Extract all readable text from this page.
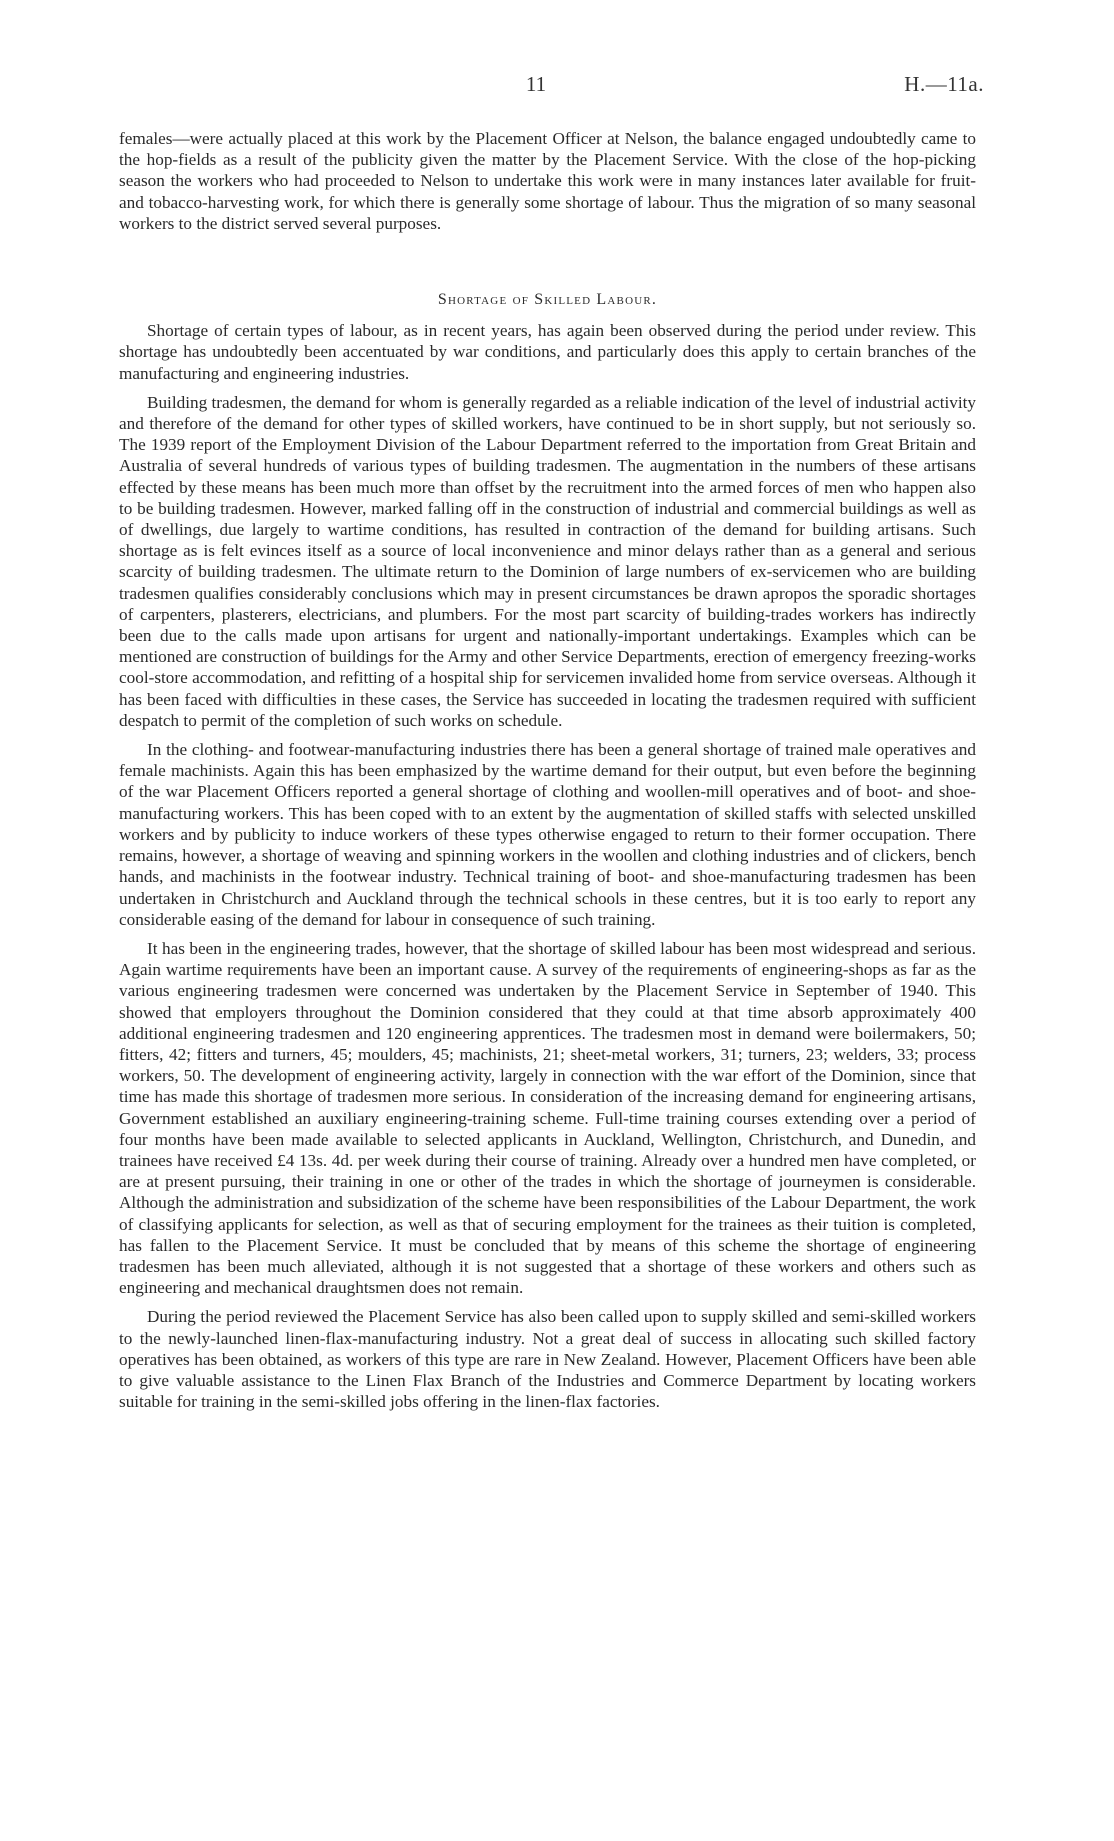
11	H.—11a.

females—were actually placed at this work by the Placement Officer at Nelson, the balance engaged undoubtedly came to the hop-fields as a result of the publicity given the matter by the Placement Service. With the close of the hop-picking season the workers who had proceeded to Nelson to undertake this work were in many instances later available for fruit- and tobacco-harvesting work, for which there is generally some shortage of labour. Thus the migration of so many seasonal workers to the district served several purposes.

Shortage of Skilled Labour.

Shortage of certain types of labour, as in recent years, has again been observed during the period under review. This shortage has undoubtedly been accentuated by war conditions, and particularly does this apply to certain branches of the manufacturing and engineering industries.

Building tradesmen, the demand for whom is generally regarded as a reliable indication of the level of industrial activity and therefore of the demand for other types of skilled workers, have continued to be in short supply, but not seriously so. The 1939 report of the Employment Division of the Labour Department referred to the importation from Great Britain and Australia of several hundreds of various types of building tradesmen. The augmentation in the numbers of these artisans effected by these means has been much more than offset by the recruitment into the armed forces of men who happen also to be building tradesmen. However, marked falling off in the construction of industrial and commercial buildings as well as of dwellings, due largely to wartime conditions, has resulted in contraction of the demand for building artisans. Such shortage as is felt evinces itself as a source of local inconvenience and minor delays rather than as a general and serious scarcity of building tradesmen. The ultimate return to the Dominion of large numbers of ex-servicemen who are building tradesmen qualifies considerably conclusions which may in present circumstances be drawn apropos the sporadic shortages of carpenters, plasterers, electricians, and plumbers. For the most part scarcity of building-trades workers has indirectly been due to the calls made upon artisans for urgent and nationally-important undertakings. Examples which can be mentioned are construction of buildings for the Army and other Service Departments, erection of emergency freezing-works cool-store accommodation, and refitting of a hospital ship for servicemen invalided home from service overseas. Although it has been faced with difficulties in these cases, the Service has succeeded in locating the tradesmen required with sufficient despatch to permit of the completion of such works on schedule.

In the clothing- and footwear-manufacturing industries there has been a general shortage of trained male operatives and female machinists. Again this has been emphasized by the wartime demand for their output, but even before the beginning of the war Placement Officers reported a general shortage of clothing and woollen-mill operatives and of boot- and shoe-manufacturing workers. This has been coped with to an extent by the augmentation of skilled staffs with selected unskilled workers and by publicity to induce workers of these types otherwise engaged to return to their former occupation. There remains, however, a shortage of weaving and spinning workers in the woollen and clothing industries and of clickers, bench hands, and machinists in the footwear industry. Technical training of boot- and shoe-manufacturing tradesmen has been undertaken in Christchurch and Auckland through the technical schools in these centres, but it is too early to report any considerable easing of the demand for labour in consequence of such training.

It has been in the engineering trades, however, that the shortage of skilled labour has been most widespread and serious. Again wartime requirements have been an important cause. A survey of the requirements of engineering-shops as far as the various engineering tradesmen were concerned was undertaken by the Placement Service in September of 1940. This showed that employers throughout the Dominion considered that they could at that time absorb approximately 400 additional engineering tradesmen and 120 engineering apprentices. The tradesmen most in demand were boilermakers, 50; fitters, 42; fitters and turners, 45; moulders, 45; machinists, 21; sheet-metal workers, 31; turners, 23; welders, 33; process workers, 50. The development of engineering activity, largely in connection with the war effort of the Dominion, since that time has made this shortage of tradesmen more serious. In consideration of the increasing demand for engineering artisans, Government established an auxiliary engineering-training scheme. Full-time training courses extending over a period of four months have been made available to selected applicants in Auckland, Wellington, Christchurch, and Dunedin, and trainees have received £4 13s. 4d. per week during their course of training. Already over a hundred men have completed, or are at present pursuing, their training in one or other of the trades in which the shortage of journeymen is considerable. Although the administration and subsidization of the scheme have been responsibilities of the Labour Department, the work of classifying applicants for selection, as well as that of securing employment for the trainees as their tuition is completed, has fallen to the Placement Service. It must be concluded that by means of this scheme the shortage of engineering tradesmen has been much alleviated, although it is not suggested that a shortage of these workers and others such as engineering and mechanical draughtsmen does not remain.

During the period reviewed the Placement Service has also been called upon to supply skilled and semi-skilled workers to the newly-launched linen-flax-manufacturing industry. Not a great deal of success in allocating such skilled factory operatives has been obtained, as workers of this type are rare in New Zealand. However, Placement Officers have been able to give valuable assistance to the Linen Flax Branch of the Industries and Commerce Department by locating workers suitable for training in the semi-skilled jobs offering in the linen-flax factories.
